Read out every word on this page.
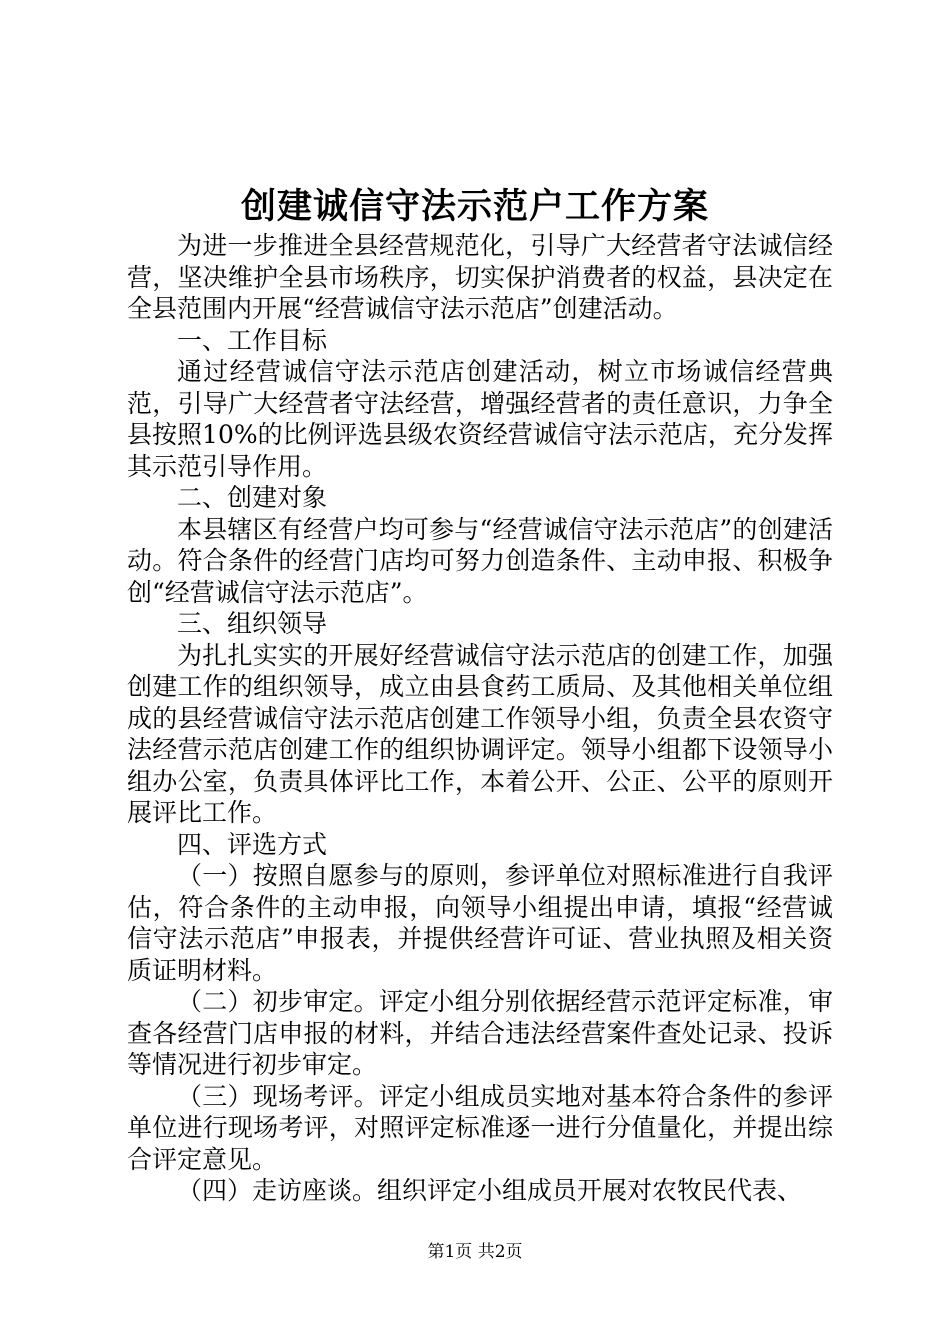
创建诚信守法示范户工作方案

为进一步推进全县经营规范化，引导广大经营者守法诚信经营，坚决维护全县市场秩序，切实保护消费者的权益，县决定在全县范围内开展“经营诚信守法示范店”创建活动。

一、工作目标

通过经营诚信守法示范店创建活动，树立市场诚信经营典范，引导广大经营者守法经营，增强经营者的责任意识，力争全县按照10%的比例评选县级农资经营诚信守法示范店，充分发挥其示范引导作用。

二、创建对象

本县辖区有经营户均可参与“经营诚信守法示范店”的创建活动。符合条件的经营门店均可努力创造条件、主动申报、积极争创“经营诚信守法示范店”。

三、组织领导

为扎扎实实的开展好经营诚信守法示范店的创建工作，加强创建工作的组织领导，成立由县食药工质局、及其他相关单位组成的县经营诚信守法示范店创建工作领导小组，负责全县农资守法经营示范店创建工作的组织协调评定。领导小组都下设领导小组办公室，负责具体评比工作，本着公开、公正、公平的原则开展评比工作。

四、评选方式

（一）按照自愿参与的原则，参评单位对照标准进行自我评估，符合条件的主动申报，向领导小组提出申请，填报“经营诚信守法示范店”申报表，并提供经营许可证、营业执照及相关资质证明材料。

（二）初步审定。评定小组分别依据经营示范评定标准，审查各经营门店申报的材料，并结合违法经营案件查处记录、投诉等情况进行初步审定。

（三）现场考评。评定小组成员实地对基本符合条件的参评单位进行现场考评，对照评定标准逐一进行分值量化，并提出综合评定意见。

（四）走访座谈。组织评定小组成员开展对农牧民代表、

第1页 共2页
